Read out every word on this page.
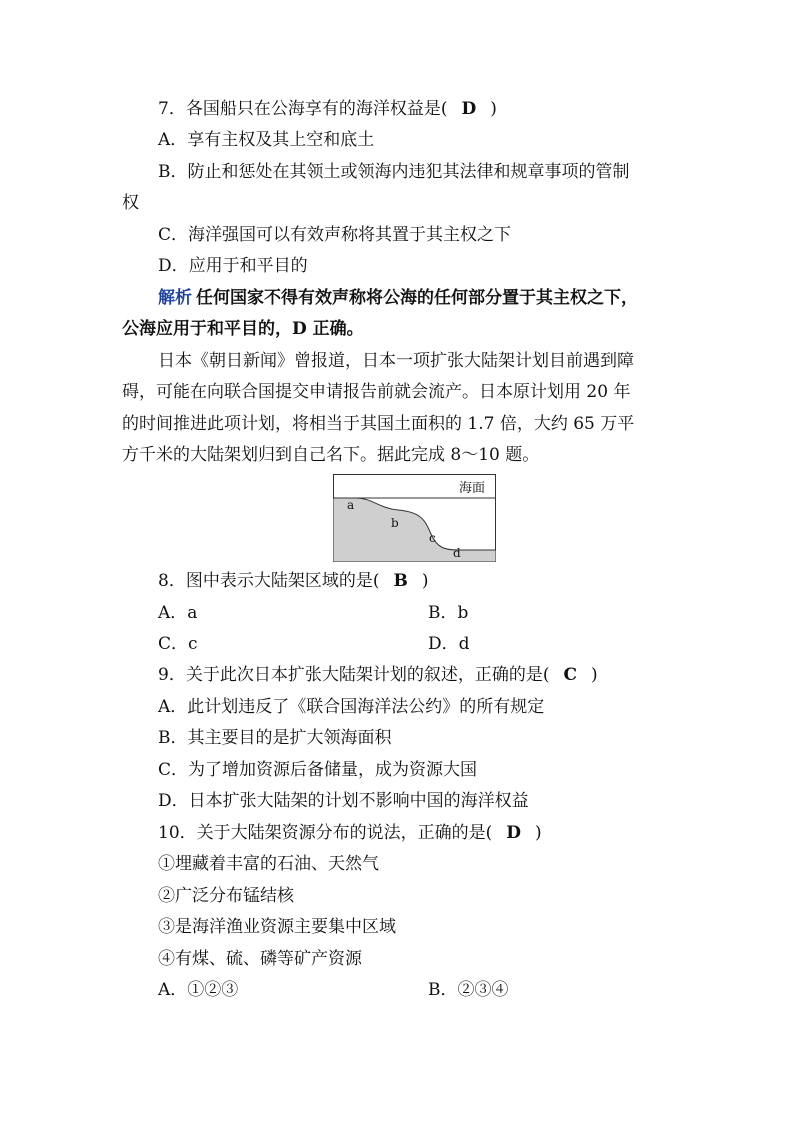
7．各国船只在公海享有的海洋权益是( D )
A．享有主权及其上空和底土
B．防止和惩处在其领土或领海内违犯其法律和规章事项的管制
权
C．海洋强国可以有效声称将其置于其主权之下
D．应用于和平目的
解析 任何国家不得有效声称将公海的任何部分置于其主权之下，
公海应用于和平目的，D 正确。
日本《朝日新闻》曾报道，日本一项扩张大陆架计划目前遇到障
碍，可能在向联合国提交申请报告前就会流产。日本原计划用 20 年
的时间推进此项计划，将相当于其国土面积的 1.7 倍，大约 65 万平
方千米的大陆架划归到自己名下。据此完成 8～10 题。
海面
a
b
c
d
8．图中表示大陆架区域的是( B )
A．a	B．b
C．c	D．d
9．关于此次日本扩张大陆架计划的叙述，正确的是( C )
A．此计划违反了《联合国海洋法公约》的所有规定
B．其主要目的是扩大领海面积
C．为了增加资源后备储量，成为资源大国
D．日本扩张大陆架的计划不影响中国的海洋权益
10．关于大陆架资源分布的说法，正确的是( D )
①埋藏着丰富的石油、天然气
②广泛分布锰结核
③是海洋渔业资源主要集中区域
④有煤、硫、磷等矿产资源
A．①②③	B．②③④
